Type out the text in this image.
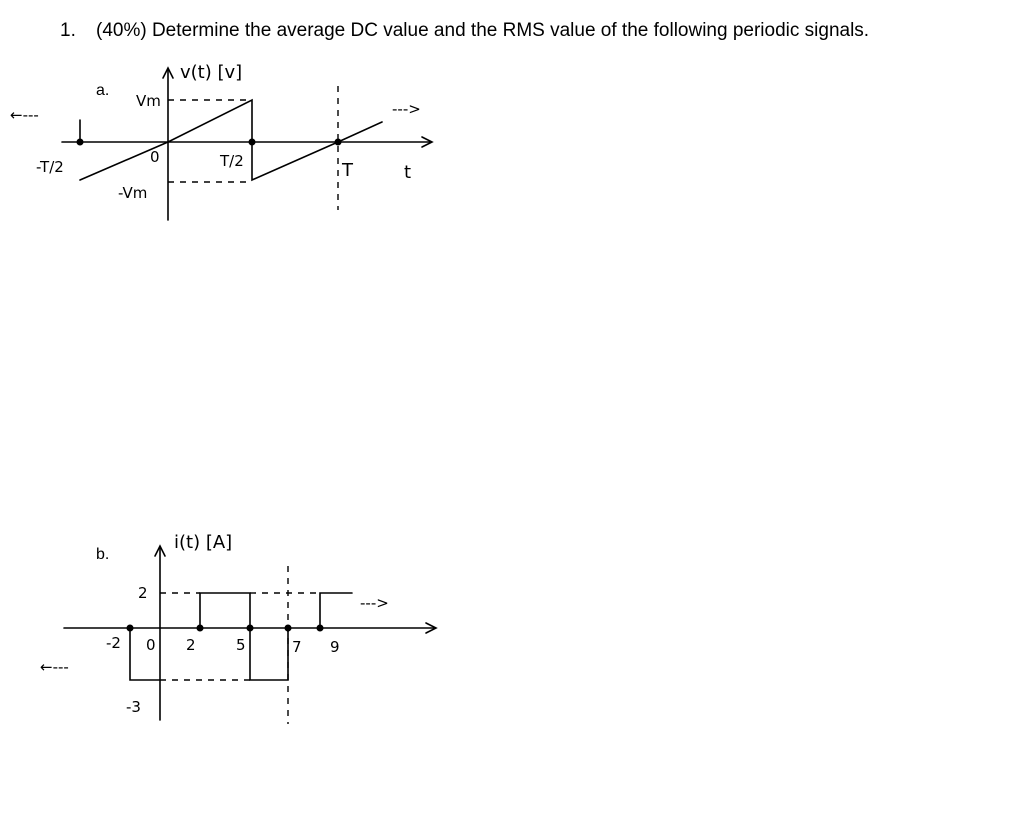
1. (40%) Determine the average DC value and the RMS value of the following periodic signals.
a.
b.
v(t) [v]
Vm
-Vm
0
-T/2	T/2	T	t
←---	--->
i(t) [A]
2
-3
-2 0 2	5	7 9
←---
--->
